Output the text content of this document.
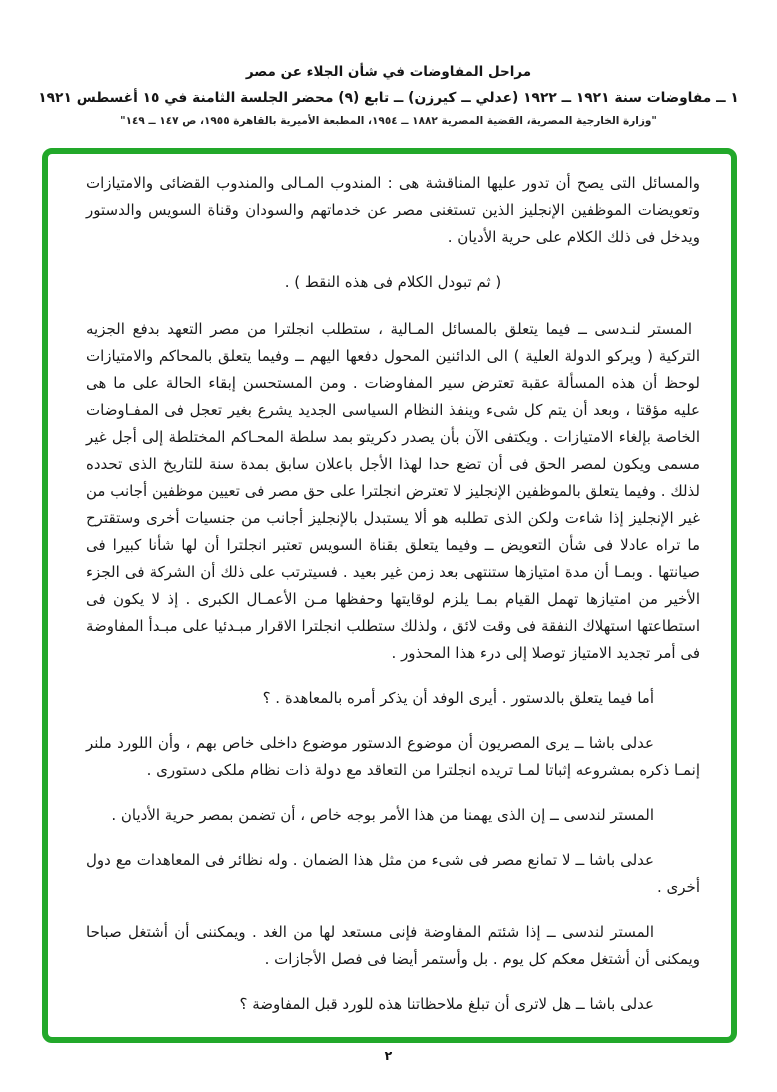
مراحل المفاوضات في شأن الجلاء عن مصر

١ ــ مفاوضات سنة ١٩٢١ ــ ١٩٢٢ (عدلي ــ كيرزن) ــ تابع (٩) محضر الجلسة الثامنة في ١٥ أغسطس ١٩٢١

"وزارة الخارجية المصرية، القضية المصرية ١٨٨٢ ــ ١٩٥٤، المطبعة الأميرية بالقاهرة ١٩٥٥، ص ١٤٧ ــ ١٤٩"

والمسائل التى يصح أن تدور عليها المناقشة هى : المندوب المـالى والمندوب القضائى والامتيازات وتعويضات الموظفين الإنجليز الذين تستغنى مصر عن خدماتهم والسودان وقناة السويس والدستور ويدخل فى ذلك الكلام على حرية الأديان .

( ثم تبودل الكلام فى هذه النقط ) .

المستر لنـدسى ــ فيما يتعلق بالمسائل المـالية ، ستطلب انجلترا من مصر التعهد بدفع الجزيه التركية ( ويركو الدولة العلية ) الى الدائنين المحول دفعها اليهم ــ وفيما يتعلق بالمحاكم والامتيازات لوحظ أن هذه المسألة عقبة تعترض سير المفاوضات . ومن المستحسن إبقاء الحالة على ما هى عليه مؤقتا ، وبعد أن يتم كل شىء وينفذ النظام السياسى الجديد يشرع بغير تعجل فى المفـاوضات الخاصة بإلغاء الامتيازات . ويكتفى الآن بأن يصدر دكريتو بمد سلطة المحـاكم المختلطة إلى أجل غير مسمى ويكون لمصر الحق فى أن تضع حدا لهذا الأجل باعلان سابق بمدة سنة للتاريخ الذى تحدده لذلك . وفيما يتعلق بالموظفين الإنجليز لا تعترض انجلترا على حق مصر فى تعيين موظفين أجانب من غير الإنجليز إذا شاءت ولكن الذى تطلبه هو ألا يستبدل بالإنجليز أجانب من جنسيات أخرى وستقترح ما تراه عادلا فى شأن التعويض ــ وفيما يتعلق بقناة السويس تعتبر انجلترا أن لها شأنا كبيرا فى صيانتها . وبمـا أن مدة امتيازها ستنتهى بعد زمن غير بعيد . فسيترتب على ذلك أن الشركة فى الجزء الأخير من امتيازها تهمل القيام بمـا يلزم لوقايتها وحفظها مـن الأعمـال الكبرى . إذ لا يكون فى استطاعتها استهلاك النفقة فى وقت لائق ، ولذلك ستطلب انجلترا الاقرار مبـدئيا على مبـدأ المفاوضة فى أمر تجديد الامتياز توصلا إلى درء هذا المحذور .

أما فيما يتعلق بالدستور . أيرى الوفد أن يذكر أمره بالمعاهدة . ؟

عدلى باشا ــ يرى المصريون أن موضوع الدستور موضوع داخلى خاص بهم ، وأن اللورد ملنر إنمـا ذكره بمشروعه إثباتا لمـا تريده انجلترا من التعاقد مع دولة ذات نظام ملكى دستورى .

المستر لندسى ــ إن الذى يهمنا من هذا الأمر بوجه خاص ، أن تضمن بمصر حرية الأديان .

عدلى باشا ــ لا تمانع مصر فى شىء من مثل هذا الضمان . وله نظائر فى المعاهدات مع دول أخرى .

المستر لندسى ــ إذا شئتم المفاوضة فإنى مستعد لها من الغد . ويمكننى أن أشتغل صباحا ويمكنى أن أشتغل معكم كل يوم . بل وأستمر أيضا فى فصل الأجازات .

عدلى باشا ــ هل لاترى أن تبلغ ملاحظاتنا هذه للورد قبل المفاوضة ؟

٢
